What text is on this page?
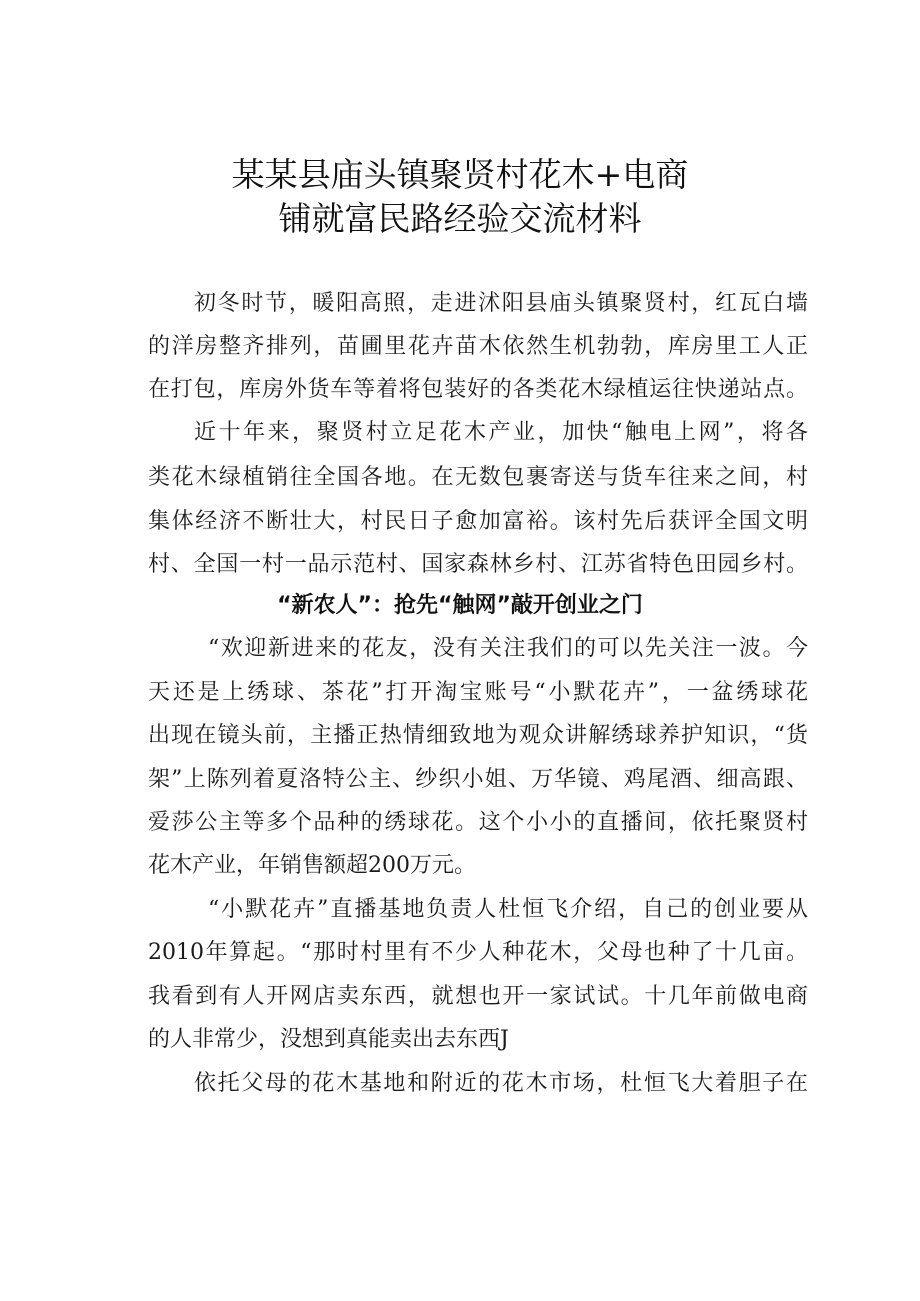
某某县庙头镇聚贤村花木+电商
铺就富民路经验交流材料
初冬时节，暖阳高照，走进沭阳县庙头镇聚贤村，红瓦白墙
的洋房整齐排列，苗圃里花卉苗木依然生机勃勃，库房里工人正
在打包，库房外货车等着将包装好的各类花木绿植运往快递站点。
近十年来，聚贤村立足花木产业，加快“触电上网”，将各
类花木绿植销往全国各地。在无数包裹寄送与货车往来之间，村
集体经济不断壮大，村民日子愈加富裕。该村先后获评全国文明
村、全国一村一品示范村、国家森林乡村、江苏省特色田园乡村。
“新农人”：抢先“触网”敲开创业之门
“欢迎新进来的花友，没有关注我们的可以先关注一波。今
天还是上绣球、茶花”打开淘宝账号“小默花卉”，一盆绣球花
出现在镜头前，主播正热情细致地为观众讲解绣球养护知识，“货
架”上陈列着夏洛特公主、纱织小姐、万华镜、鸡尾酒、细高跟、
爱莎公主等多个品种的绣球花。这个小小的直播间，依托聚贤村
花木产业，年销售额超200万元。
“小默花卉”直播基地负责人杜恒飞介绍，自己的创业要从
2010年算起。“那时村里有不少人种花木，父母也种了十几亩。
我看到有人开网店卖东西，就想也开一家试试。十几年前做电商
的人非常少，没想到真能卖出去东西J
依托父母的花木基地和附近的花木市场，杜恒飞大着胆子在
